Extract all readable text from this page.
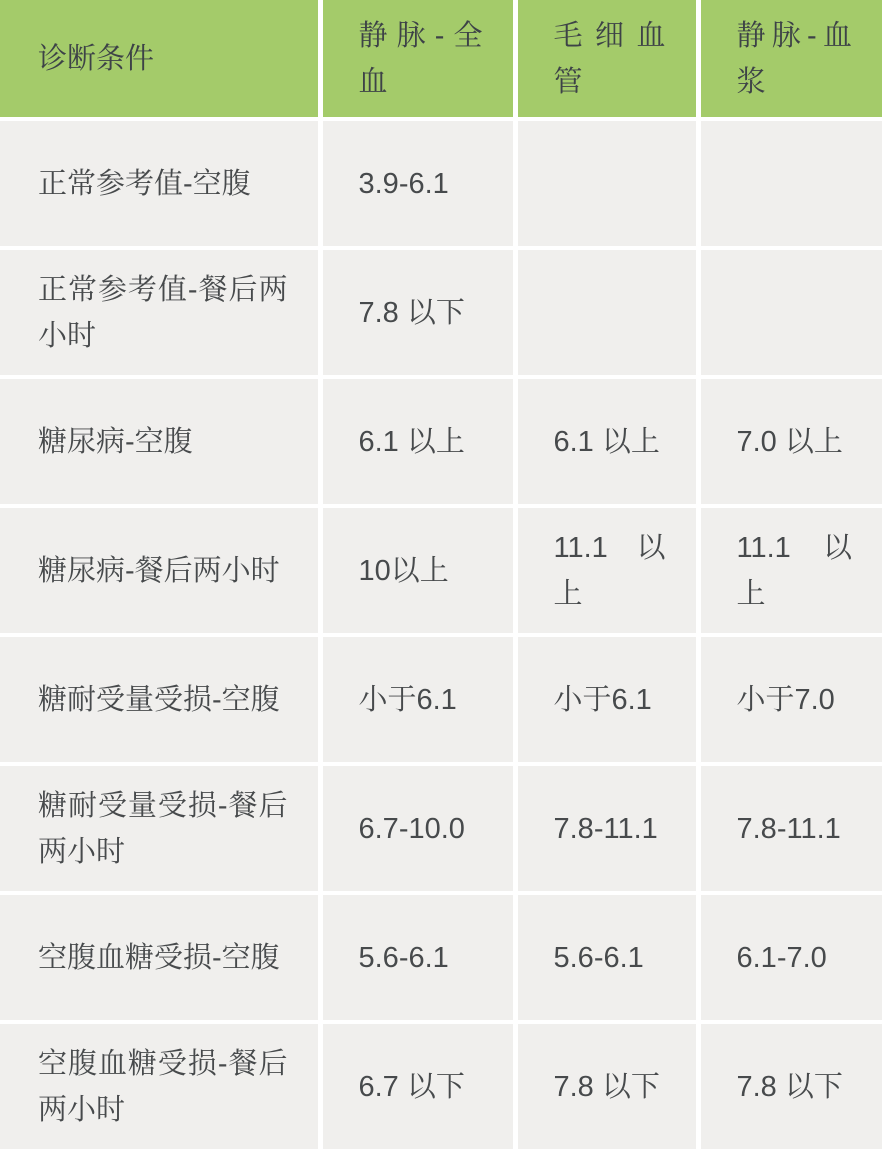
诊断条件	静脉-全血	毛细血管	静脉-血浆
正常参考值-空腹	3.9-6.1		
正常参考值-餐后两小时	7.8 以下		
糖尿病-空腹	6.1 以上	6.1 以上	7.0 以上
糖尿病-餐后两小时	10以上	11.1 以上	11.1 以上
糖耐受量受损-空腹	小于6.1	小于6.1	小于7.0
糖耐受量受损-餐后两小时	6.7-10.0	7.8-11.1	7.8-11.1
空腹血糖受损-空腹	5.6-6.1	5.6-6.1	6.1-7.0
空腹血糖受损-餐后两小时	6.7 以下	7.8 以下	7.8 以下
